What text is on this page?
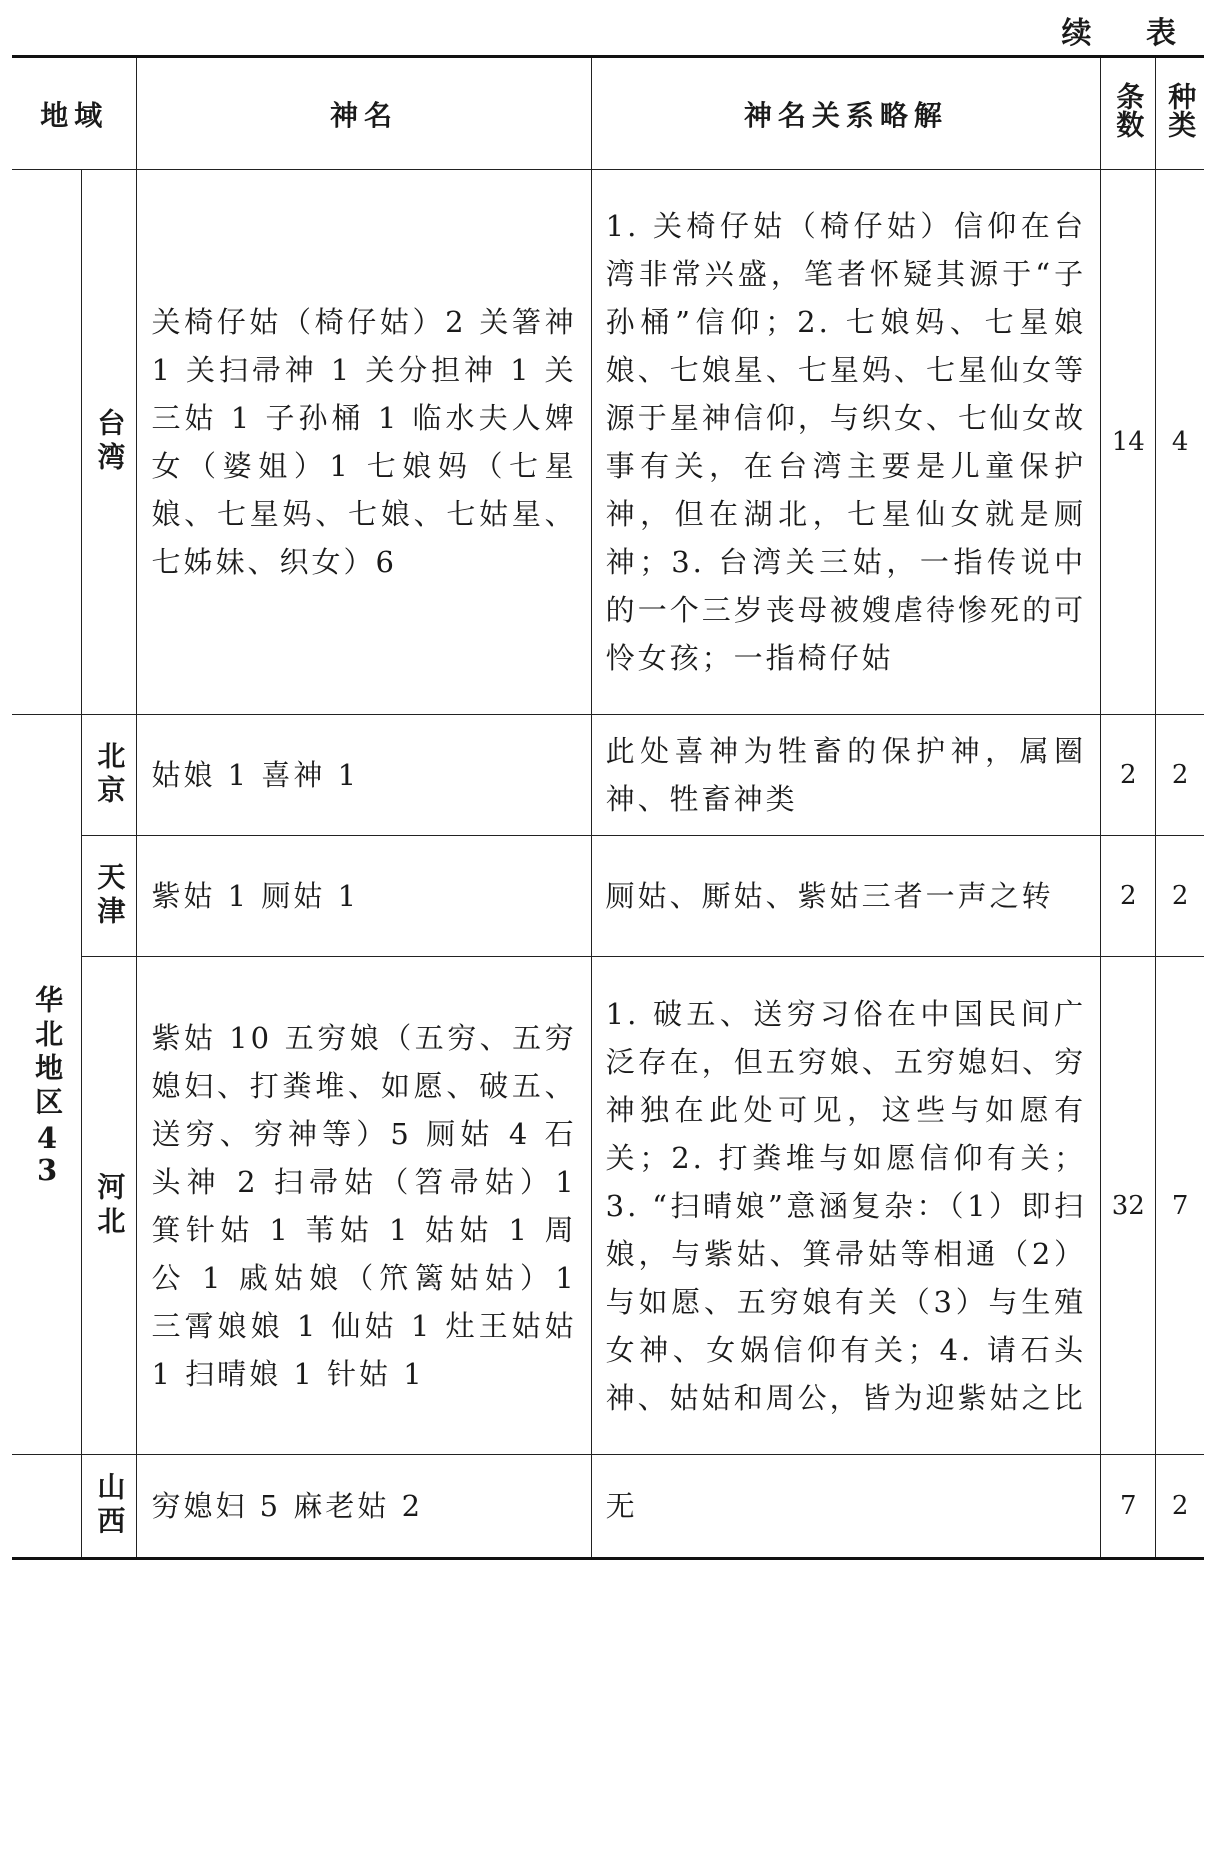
续 表
地域		神名	神名关系略解	条数	种类

	台湾	关椅仔姑（椅仔姑）2 关箸神 1 关扫帚神 1 关分担神 1 关三姑 1 子孙桶 1 临水夫人婢女（婆姐）1 七娘妈（七星娘、七星妈、七娘、七姑星、七姊妹、织女）6	1. 关椅仔姑（椅仔姑）信仰在台湾非常兴盛，笔者怀疑其源于“子孙桶”信仰；2. 七娘妈、七星娘娘、七娘星、七星妈、七星仙女等源于星神信仰，与织女、七仙女故事有关，在台湾主要是儿童保护神，但在湖北，七星仙女就是厕神；3. 台湾关三姑，一指传说中的一个三岁丧母被嫂虐待惨死的可怜女孩；一指椅仔姑	14	4

华北地区43	北京	姑娘 1 喜神 1	此处喜神为牲畜的保护神，属圈神、牲畜神类	2	2

	天津	紫姑 1 厕姑 1	厕姑、厮姑、紫姑三者一声之转	2	2

	河北	紫姑 10 五穷娘（五穷、五穷媳妇、打粪堆、如愿、破五、送穷、穷神等）5 厕姑 4 石头神 2 扫帚姑（笤帚姑）1 箕针姑 1 苇姑 1 姑姑 1 周公 1 戚姑娘（笊篱姑姑）1 三霄娘娘 1 仙姑 1 灶王姑姑 1 扫晴娘 1 针姑 1	1. 破五、送穷习俗在中国民间广泛存在，但五穷娘、五穷媳妇、穷神独在此处可见，这些与如愿有关；2. 打粪堆与如愿信仰有关；3. “扫晴娘”意涵复杂：（1）即扫娘，与紫姑、箕帚姑等相通（2）与如愿、五穷娘有关（3）与生殖女神、女娲信仰有关；4. 请石头神、姑姑和周公，皆为迎紫姑之比	32	7

	山西	穷媳妇 5 麻老姑 2	无	7	2
